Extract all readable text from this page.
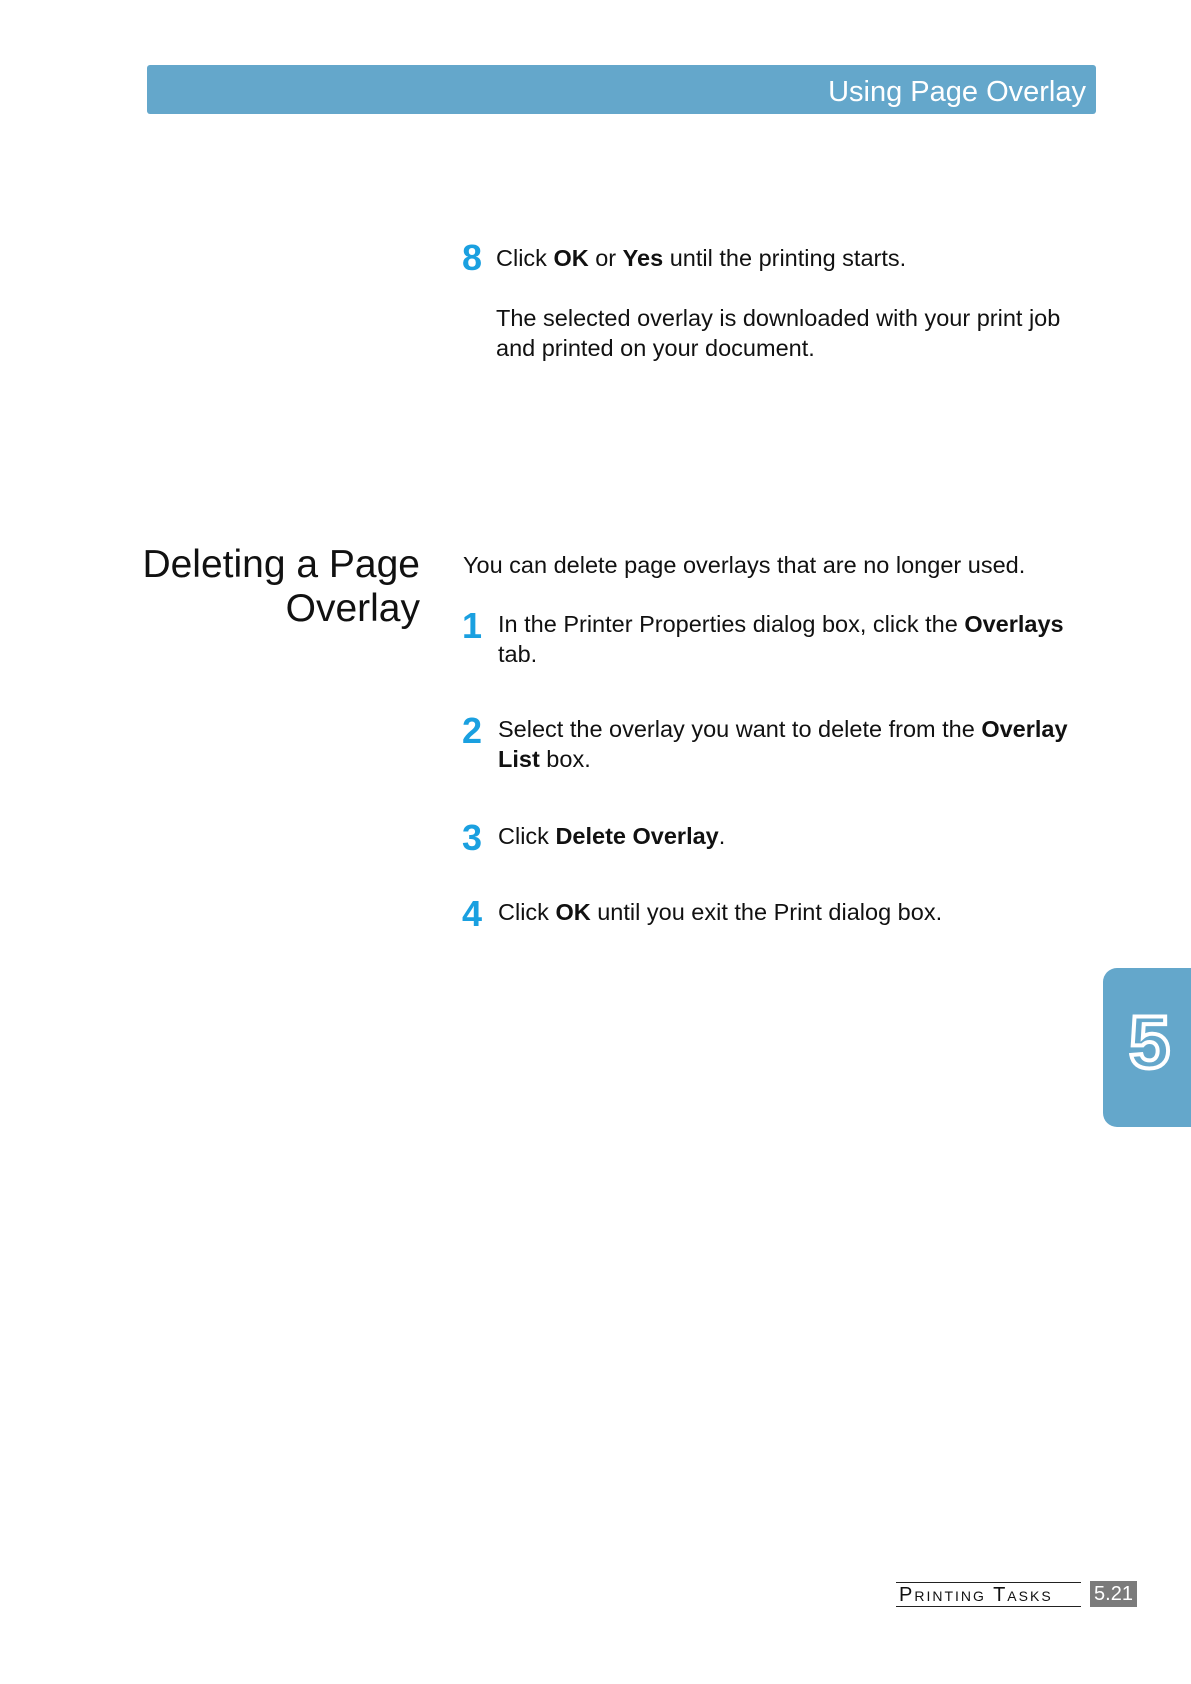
Using Page Overlay
8 Click OK or Yes until the printing starts.
The selected overlay is downloaded with your print job and printed on your document.
Deleting a Page
Overlay
You can delete page overlays that are no longer used.
1 In the Printer Properties dialog box, click the Overlays tab.
2 Select the overlay you want to delete from the Overlay List box.
3 Click Delete Overlay.
4 Click OK until you exit the Print dialog box.
5
Printing Tasks	5.21
